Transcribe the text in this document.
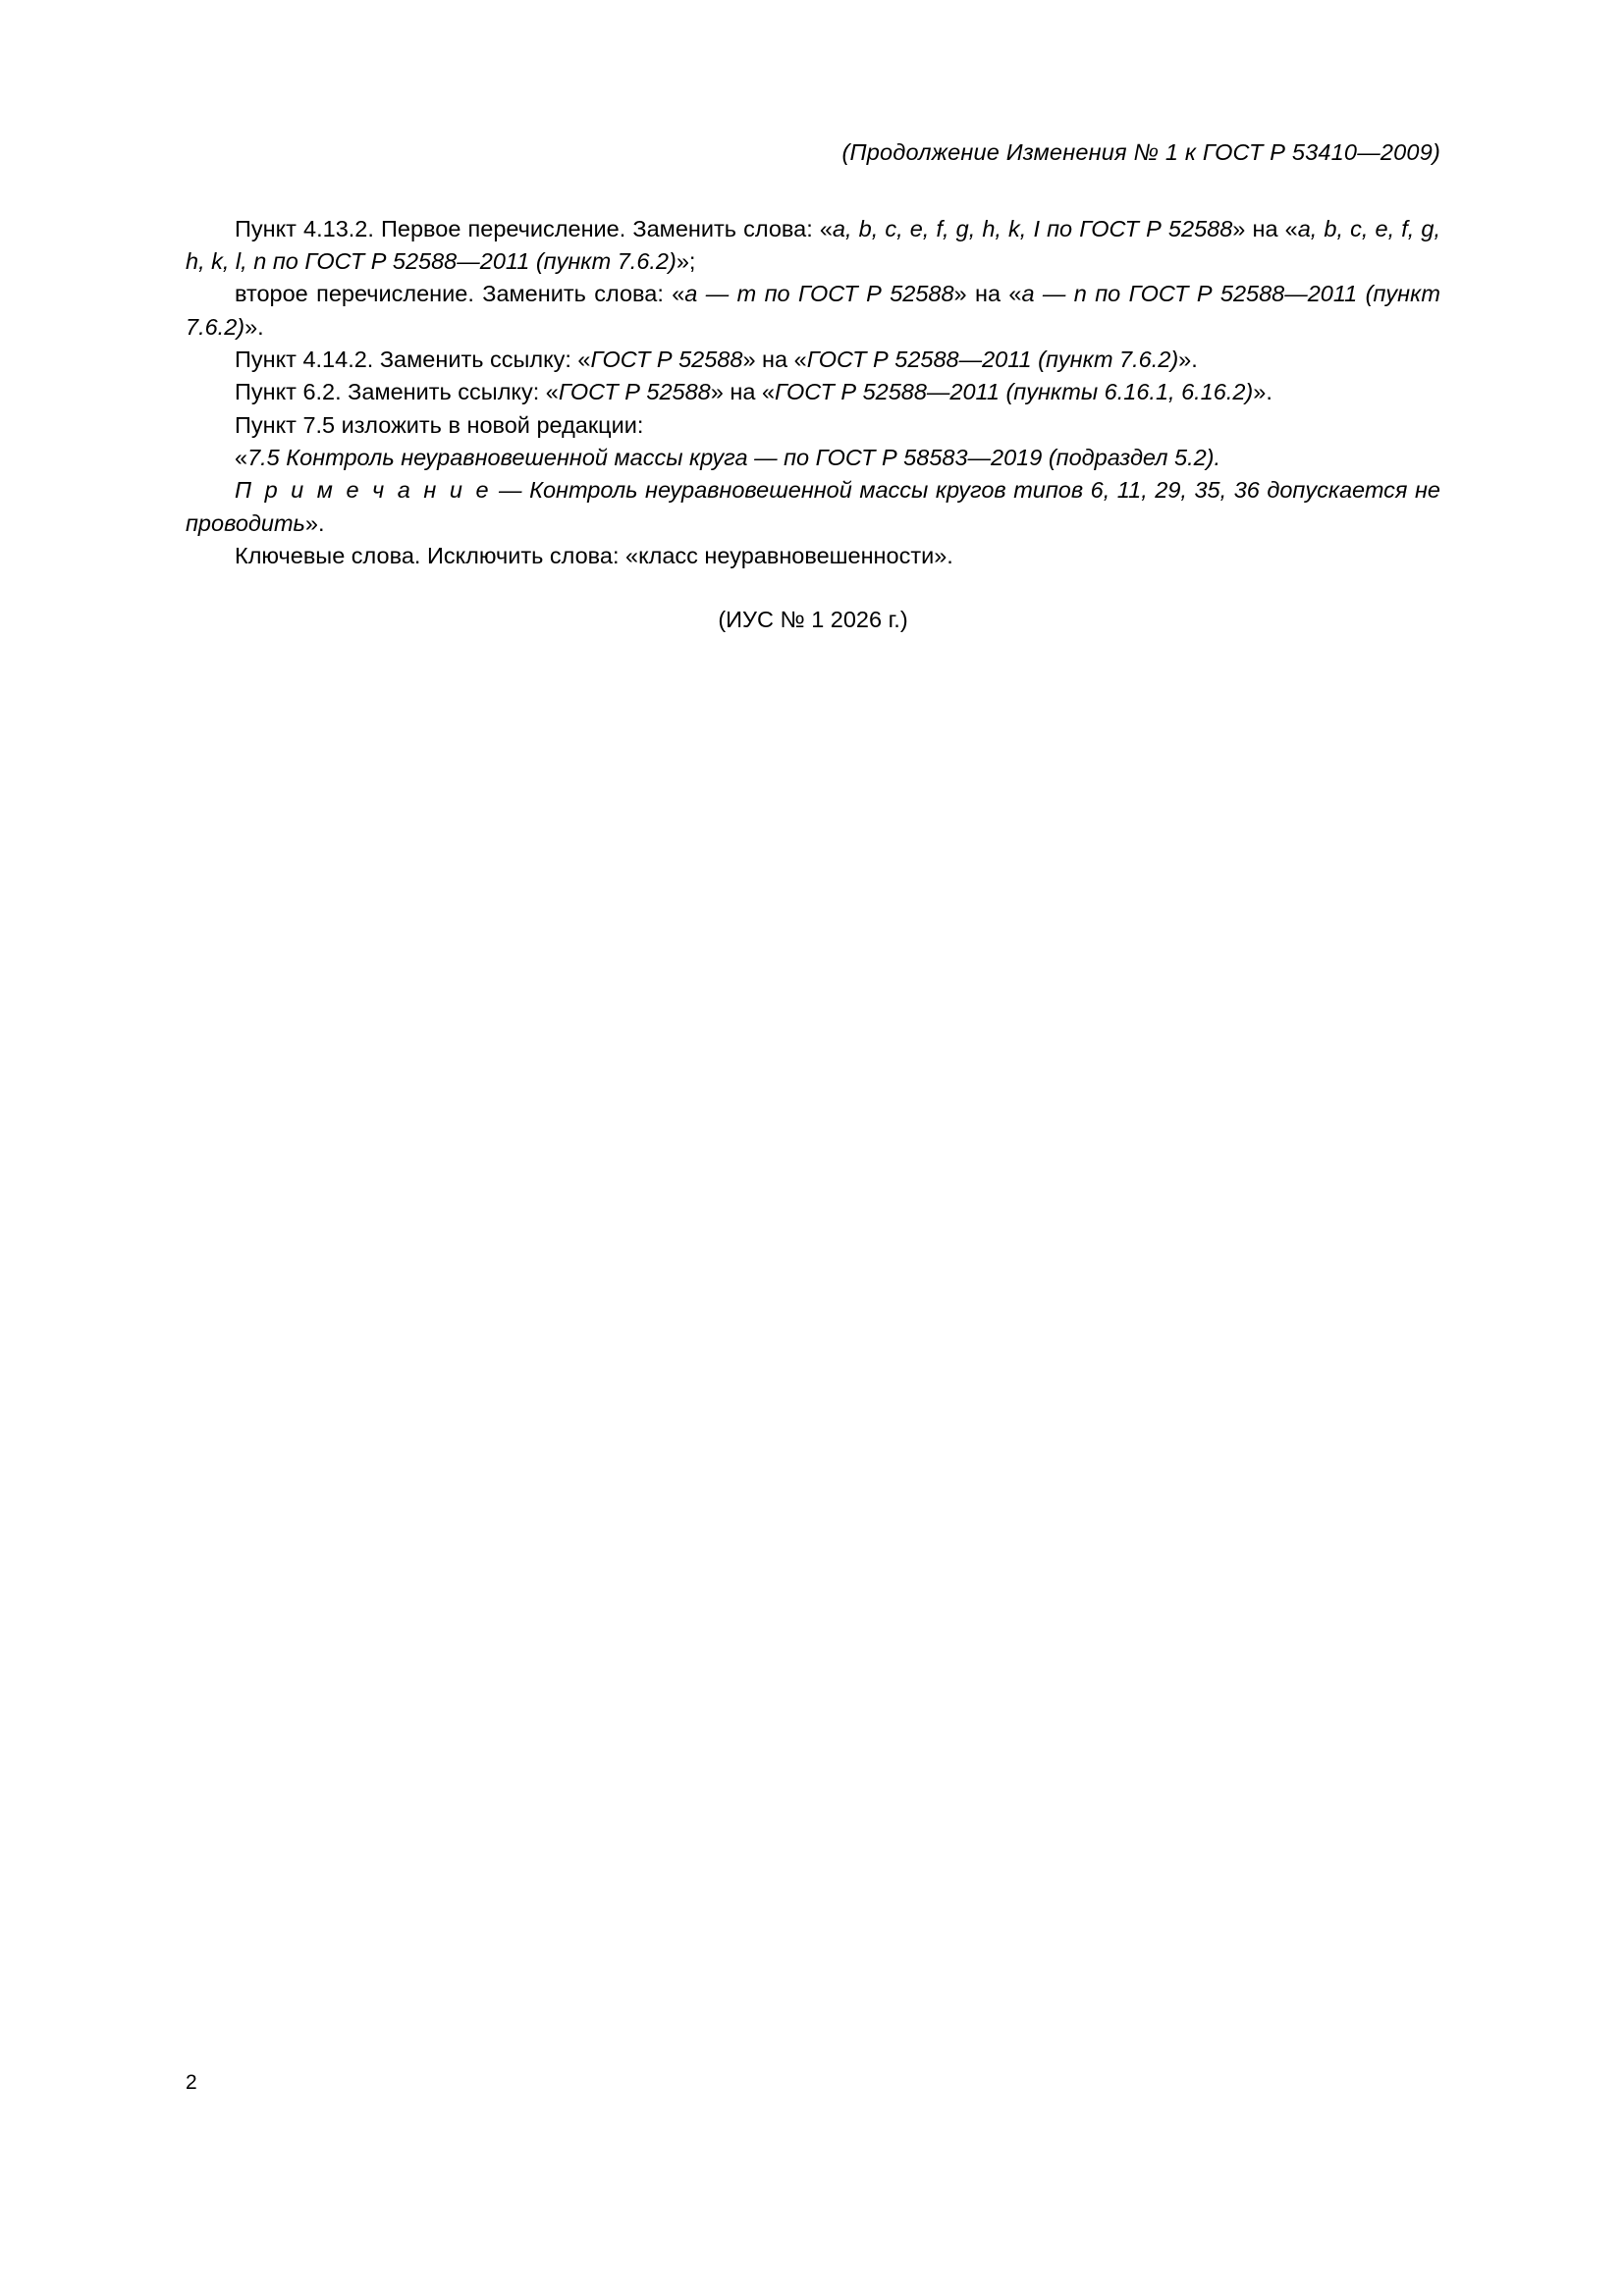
(Продолжение Изменения № 1 к ГОСТ Р 53410—2009)

Пункт 4.13.2. Первое перечисление. Заменить слова: «a, b, c, e, f, g, h, k, I по ГОСТ Р 52588» на «a, b, c, e, f, g, h, k, l, n по ГОСТ Р 52588—2011 (пункт 7.6.2)»;

второе перечисление. Заменить слова: «a — m по ГОСТ Р 52588» на «a — n по ГОСТ Р 52588—2011 (пункт 7.6.2)».

Пункт 4.14.2. Заменить ссылку: «ГОСТ Р 52588» на «ГОСТ Р 52588—2011 (пункт 7.6.2)».

Пункт 6.2. Заменить ссылку: «ГОСТ Р 52588» на «ГОСТ Р 52588—2011 (пункты 6.16.1, 6.16.2)».

Пункт 7.5 изложить в новой редакции:

«7.5 Контроль неуравновешенной массы круга — по ГОСТ Р 58583—2019 (подраздел 5.2).

П р и м е ч а н и е — Контроль неуравновешенной массы кругов типов 6, 11, 29, 35, 36 допускается не проводить».

Ключевые слова. Исключить слова: «класс неуравновешенности».

(ИУС № 1 2026 г.)
2
